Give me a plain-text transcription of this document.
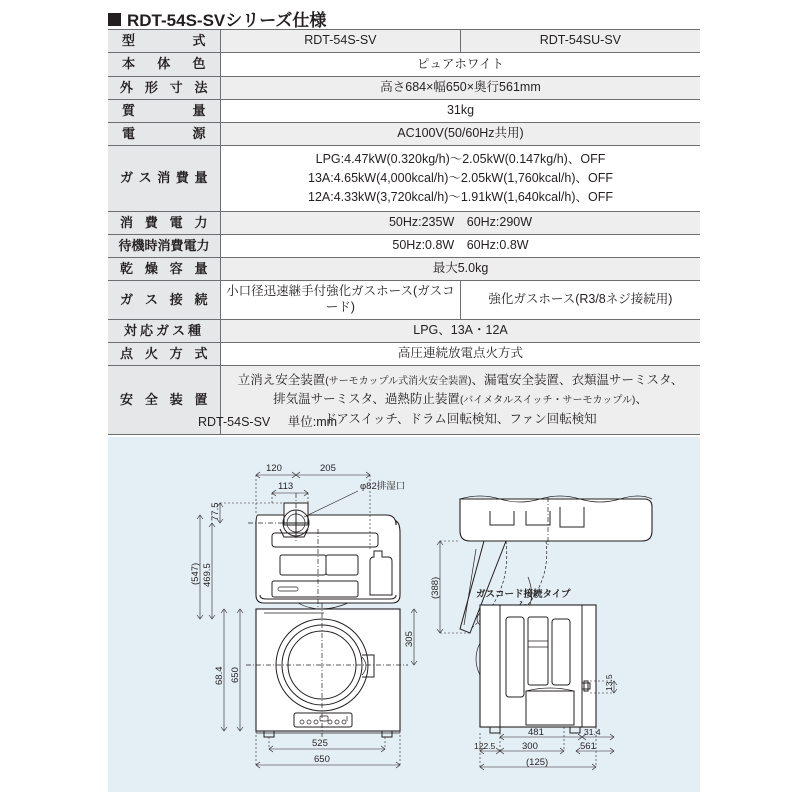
RDT-54S-SVシリーズ仕様
型 式	RDT-54S-SV	RDT-54SU-SV

本 体 色	ピュアホワイト	

外 形 寸 法	高さ684×幅650×奥行561mm	

質 量	31kg	

電 源	AC100V(50/60Hz共用)	

ガ ス 消 費 量	LPG:4.47kW(0.320kg/h)〜2.05kW(0.147kg/h)、OFF
13A:4.65kW(4,000kcal/h)〜2.05kW(1,760kcal/h)、OFF
12A:4.33kW(3,720kcal/h)〜1.91kW(1,640kcal/h)、OFF	

消 費 電 力	50Hz:235W　60Hz:290W	

待機時消費電力	50Hz:0.8W　60Hz:0.8W	

乾 燥 容 量	最大5.0kg	

ガ ス 接 続	小口径迅速継手付強化ガスホース(ガスコード)	強化ガスホース(R3/8ネジ接続用)

対応ガス種	LPG、13A・12A	

点 火 方 式	高圧連続放電点火方式	

安 全 装 置	立消え安全装置(サーモカップル式消火安全装置)、漏電安全装置、衣類温サーミスタ、
排気温サーミスタ、過熱防止装置(バイメタルスイッチ・サーモカップル)、
ドアスイッチ、ドラム回転検知、ファン回転検知	
RDT-54S-SV 単位:mm
φ82排湿口
77.5
(547) 469.5
120	205
113
(388)
68.4 650
305
525
650
ガスコード接続タイプ
13.5
481	31.4
122.5	300	561
(125)
